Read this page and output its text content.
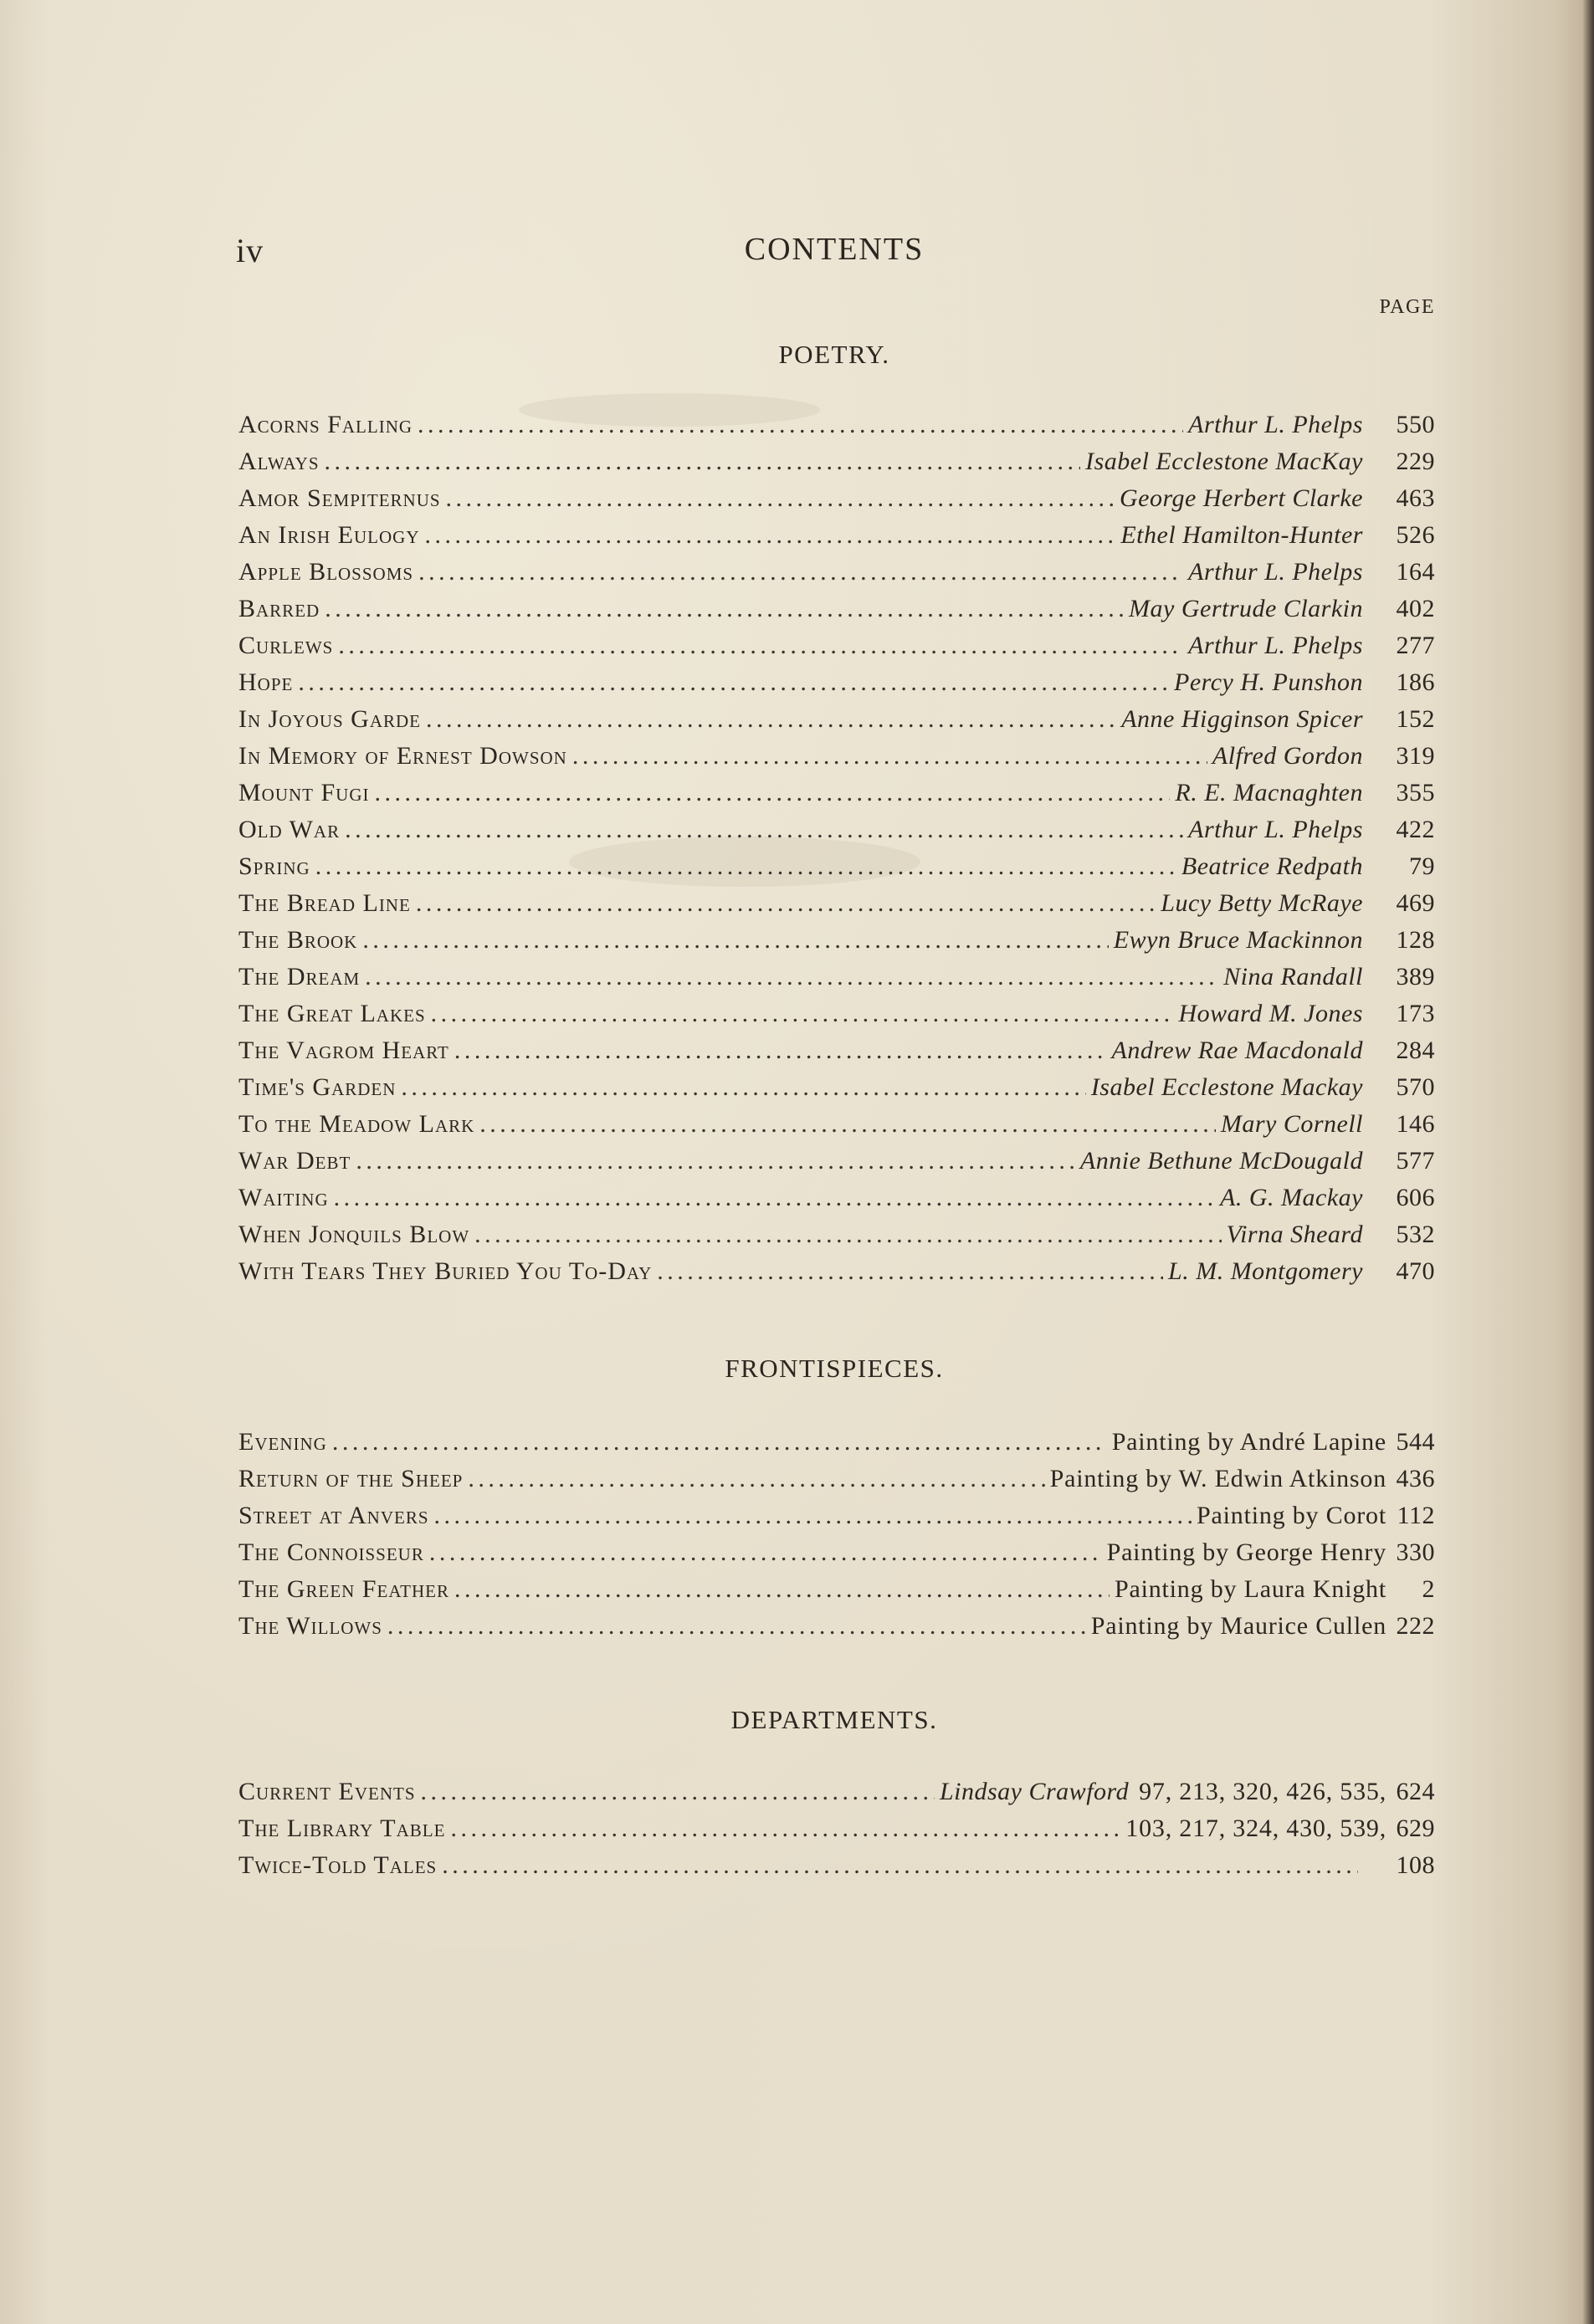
iv	CONTENTS
PAGE
POETRY.
Acorns Falling . . .	Arthur L. Phelps	550
Always . . .	Isabel Ecclestone MacKay	229
Amor Sempiternus . . .	George Herbert Clarke	463
An Irish Eulogy . . .	Ethel Hamilton-Hunter	526
Apple Blossoms . . .	Arthur L. Phelps	164
Barred . . .	May Gertrude Clarkin	402
Curlews . . .	Arthur L. Phelps	277
Hope . . .	Percy H. Punshon	186
In Joyous Garde . . .	Anne Higginson Spicer	152
In Memory of Ernest Dowson . . .	Alfred Gordon	319
Mount Fugi . . .	R. E. Macnaghten	355
Old War . . .	Arthur L. Phelps	422
Spring . . .	Beatrice Redpath	79
The Bread Line . . .	Lucy Betty McRaye	469
The Brook . . .	Ewyn Bruce Mackinnon	128
The Dream . . .	Nina Randall	389
The Great Lakes . . .	Howard M. Jones	173
The Vagrom Heart . . .	Andrew Rae Macdonald	284
Time's Garden . . .	Isabel Ecclestone Mackay	570
To the Meadow Lark . . .	Mary Cornell	146
War Debt . . .	Annie Bethune McDougald	577
Waiting . . .	A. G. Mackay	606
When Jonquils Blow . . .	Virna Sheard	532
With Tears They Buried You To-Day . . .	L. M. Montgomery	470
FRONTISPIECES.
Evening . . .	Painting by André Lapine 544
Return of the Sheep . . .	Painting by W. Edwin Atkinson 436
Street at Anvers . . .	Painting by Corot 112
The Connoisseur . . .	Painting by George Henry 330
The Green Feather . . .	Painting by Laura Knight	2
The Willows . . .	Painting by Maurice Cullen 222
DEPARTMENTS.
Current Events . . .	Lindsay Crawford 97, 213, 320, 426, 535, 624
The Library Table . . .	103, 217, 324, 430, 539, 629
Twice-Told Tales . . .	108
